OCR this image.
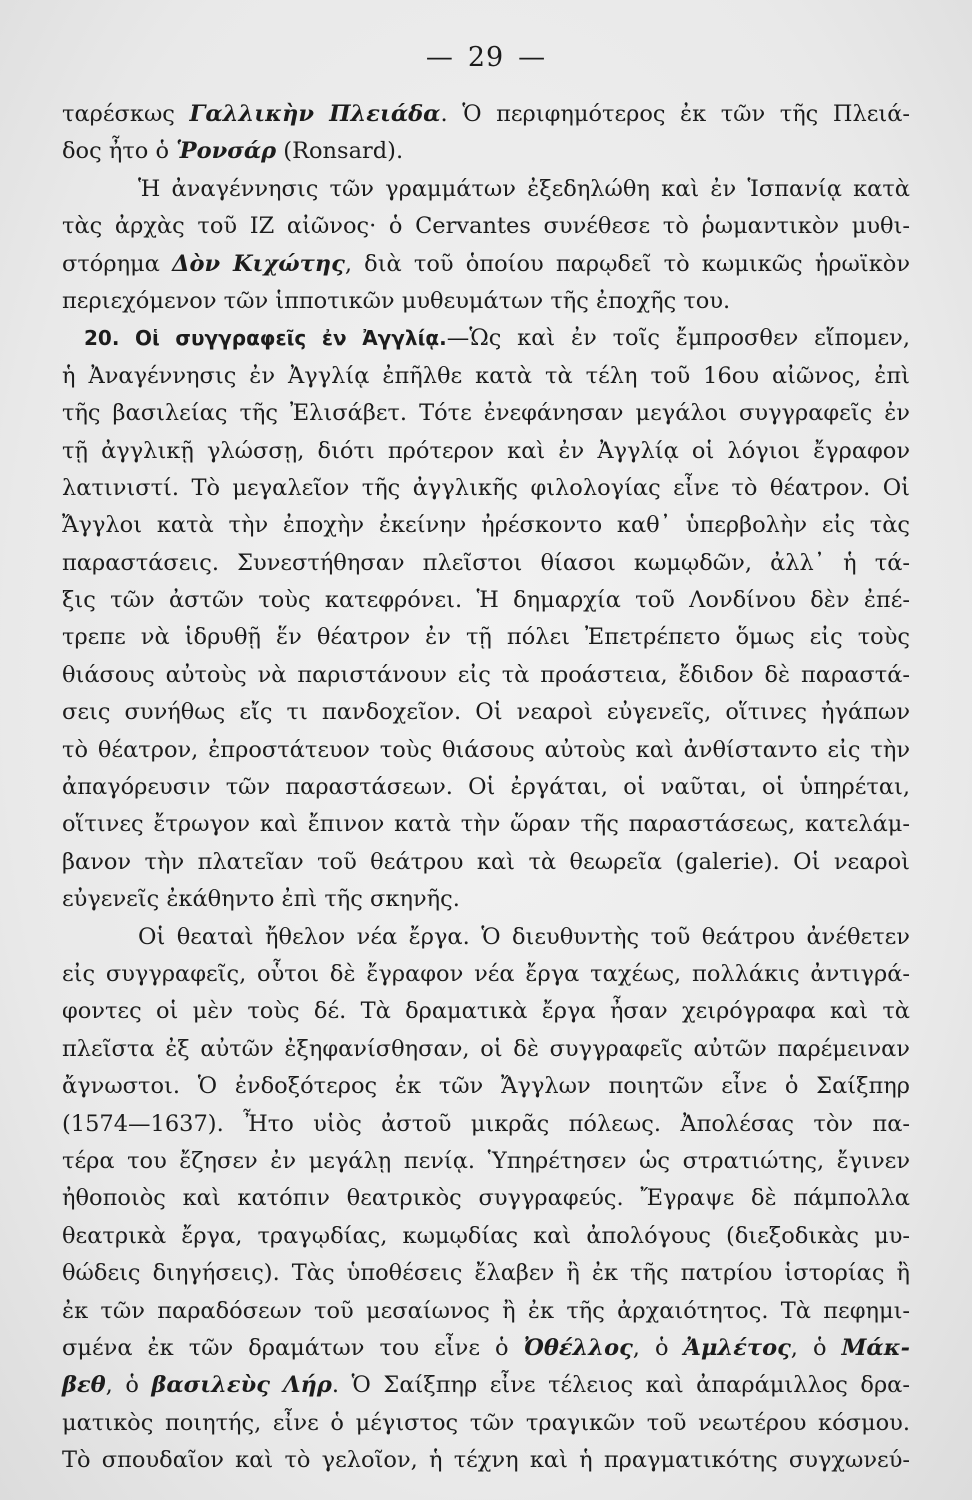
— 29 —
ταρέσκως Γαλλικὴν Πλειάδα. Ὁ περιφημότερος ἐκ τῶν τῆς Πλειά-
δος ἦτο ὁ Ῥονσάρ (Ronsard).
Ἡ ἀναγέννησις τῶν γραμμάτων ἐξεδηλώθη καὶ ἐν Ἱσπανίᾳ κατὰ
τὰς ἀρχὰς τοῦ ΙΖ αἰῶνος· ὁ Cervantes συνέθεσε τὸ ῥωμαντικὸν μυθι-
στόρημα Δὸν Κιχώτης, διὰ τοῦ ὁποίου παρῳδεῖ τὸ κωμικῶς ἡρωϊκὸν
περιεχόμενον τῶν ἱπποτικῶν μυθευμάτων τῆς ἐποχῆς του.
20. Οἱ συγγραφεῖς ἐν Ἀγγλίᾳ.—Ὡς καὶ ἐν τοῖς ἔμπροσθεν εἴπομεν,
ἡ Ἀναγέννησις ἐν Ἀγγλίᾳ ἐπῆλθε κατὰ τὰ τέλη τοῦ 16ου αἰῶνος, ἐπὶ
τῆς βασιλείας τῆς Ἐλισάβετ. Τότε ἐνεφάνησαν μεγάλοι συγγραφεῖς ἐν
τῇ ἀγγλικῇ γλώσσῃ, διότι πρότερον καὶ ἐν Ἀγγλίᾳ οἱ λόγιοι ἔγραφον
λατινιστί. Τὸ μεγαλεῖον τῆς ἀγγλικῆς φιλολογίας εἶνε τὸ θέατρον. Οἱ
Ἄγγλοι κατὰ τὴν ἐποχὴν ἐκείνην ἠρέσκοντο καθ᾽ ὑπερβολὴν εἰς τὰς
παραστάσεις. Συνεστήθησαν πλεῖστοι θίασοι κωμῳδῶν, ἀλλ᾽ ἡ τά-
ξις τῶν ἀστῶν τοὺς κατεφρόνει. Ἡ δημαρχία τοῦ Λονδίνου δὲν ἐπέ-
τρεπε νὰ ἱδρυθῇ ἕν θέατρον ἐν τῇ πόλει Ἐπετρέπετο ὅμως εἰς τοὺς
θιάσους αὐτοὺς νὰ παριστάνουν εἰς τὰ προάστεια, ἔδιδον δὲ παραστά-
σεις συνήθως εἴς τι πανδοχεῖον. Οἱ νεαροὶ εὐγενεῖς, οἵτινες ἠγάπων
τὸ θέατρον, ἐπροστάτευον τοὺς θιάσους αὐτοὺς καὶ ἀνθίσταντο εἰς τὴν
ἀπαγόρευσιν τῶν παραστάσεων. Οἱ ἐργάται, οἱ ναῦται, οἱ ὑπηρέται,
οἵτινες ἔτρωγον καὶ ἔπινον κατὰ τὴν ὥραν τῆς παραστάσεως, κατελάμ-
βανον τὴν πλατεῖαν τοῦ θεάτρου καὶ τὰ θεωρεῖα (galerie). Οἱ νεαροὶ
εὐγενεῖς ἐκάθηντο ἐπὶ τῆς σκηνῆς.
Οἱ θεαταὶ ἤθελον νέα ἔργα. Ὁ διευθυντὴς τοῦ θεάτρου ἀνέθετεν
εἰς συγγραφεῖς, οὗτοι δὲ ἔγραφον νέα ἔργα ταχέως, πολλάκις ἀντιγρά-
φοντες οἱ μὲν τοὺς δέ. Τὰ δραματικὰ ἔργα ἦσαν χειρόγραφα καὶ τὰ
πλεῖστα ἐξ αὐτῶν ἐξηφανίσθησαν, οἱ δὲ συγγραφεῖς αὐτῶν παρέμειναν
ἄγνωστοι. Ὁ ἐνδοξότερος ἐκ τῶν Ἄγγλων ποιητῶν εἶνε ὁ Σαίξπηρ
(1574—1637). Ἦτο υἱὸς ἀστοῦ μικρᾶς πόλεως. Ἀπολέσας τὸν πα-
τέρα του ἔζησεν ἐν μεγάλῃ πενίᾳ. Ὑπηρέτησεν ὡς στρατιώτης, ἔγινεν
ἠθοποιὸς καὶ κατόπιν θεατρικὸς συγγραφεύς. Ἔγραψε δὲ πάμπολλα
θεατρικὰ ἔργα, τραγῳδίας, κωμῳδίας καὶ ἀπολόγους (διεξοδικὰς μυ-
θώδεις διηγήσεις). Τὰς ὑποθέσεις ἔλαβεν ἢ ἐκ τῆς πατρίου ἱστορίας ἢ
ἐκ τῶν παραδόσεων τοῦ μεσαίωνος ἢ ἐκ τῆς ἀρχαιότητος. Τὰ πεφημι-
σμένα ἐκ τῶν δραμάτων του εἶνε ὁ Ὀθέλλος, ὁ Ἀμλέτος, ὁ Μάκ-
βεθ, ὁ βασιλεὺς Λήρ. Ὁ Σαίξπηρ εἶνε τέλειος καὶ ἀπαράμιλλος δρα-
ματικὸς ποιητής, εἶνε ὁ μέγιστος τῶν τραγικῶν τοῦ νεωτέρου κόσμου.
Τὸ σπουδαῖον καὶ τὸ γελοῖον, ἡ τέχνη καὶ ἡ πραγματικότης συγχωνεύ-
